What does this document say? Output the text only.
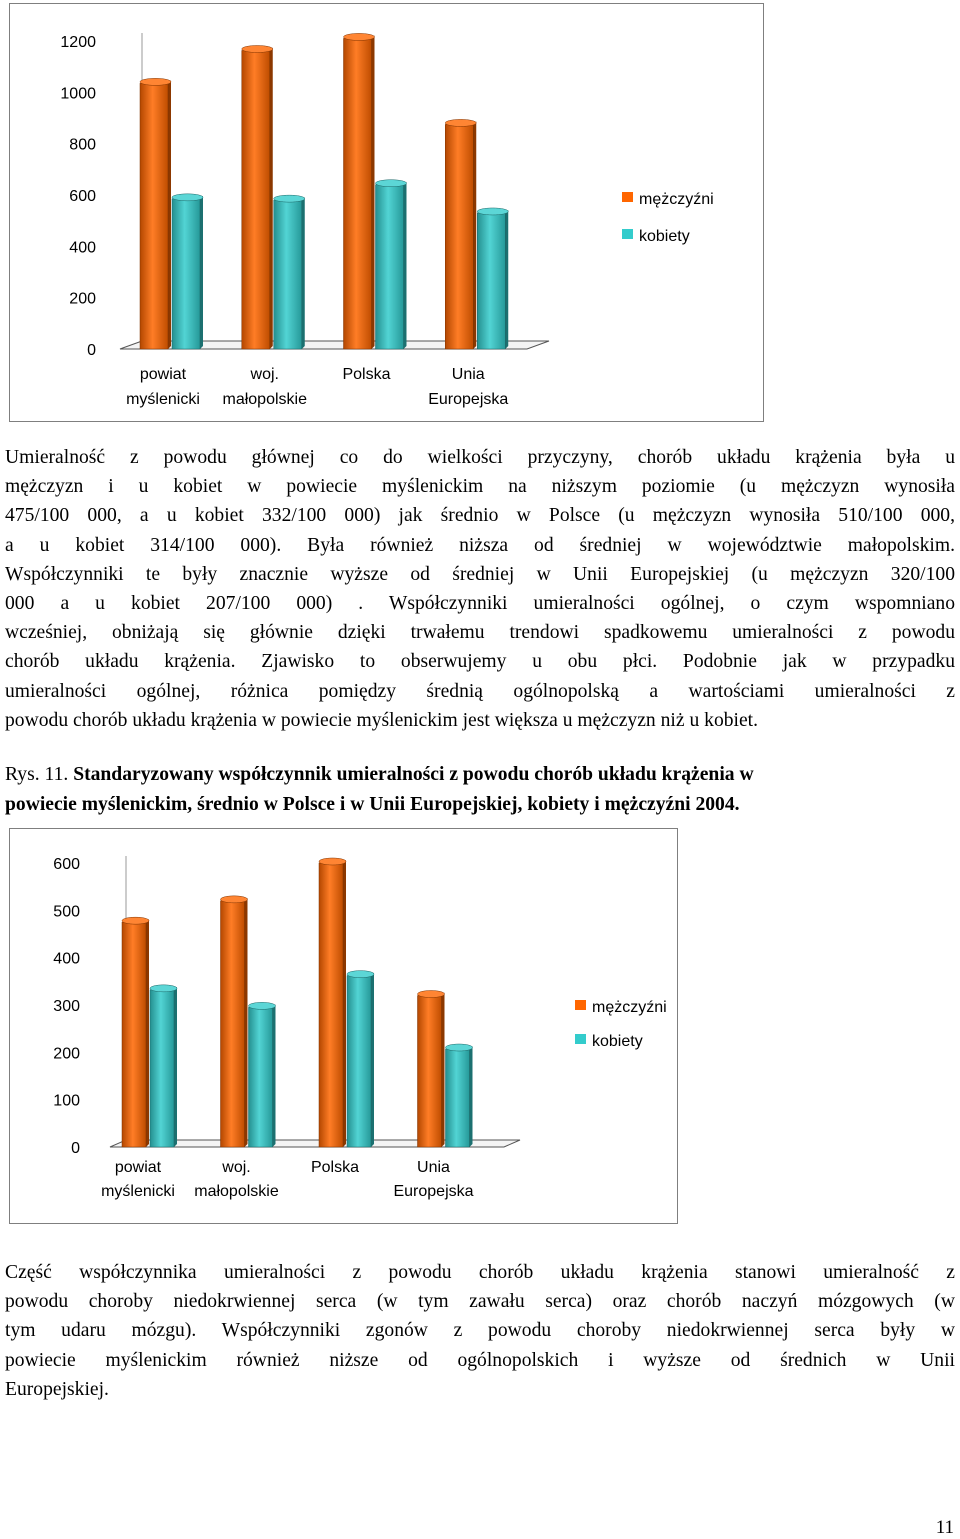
0
200
400
600
800
1000
1200
powiat
myślenicki
woj.
małopolskie
Polska	Unia
Europejska
mężczyźni
kobiety
Umieralność z powodu głównej co do wielkości przyczyny, chorób układu krążenia była u
mężczyzn i u kobiet w powiecie myślenickim na niższym poziomie (u mężczyzn wynosiła
475/100 000, a u kobiet 332/100 000) jak średnio w Polsce (u mężczyzn wynosiła 510/100 000,
a u kobiet 314/100 000). Była również niższa od średniej w województwie małopolskim.
Współczynniki te były znacznie wyższe od średniej w Unii Europejskiej (u mężczyzn 320/100
000 a u kobiet 207/100 000) . Współczynniki umieralności ogólnej, o czym wspomniano
wcześniej, obniżają się głównie dzięki trwałemu trendowi spadkowemu umieralności z powodu
chorób układu krążenia. Zjawisko to obserwujemy u obu płci. Podobnie jak w przypadku
umieralności ogólnej, różnica pomiędzy średnią ogólnopolską a wartościami umieralności z
powodu chorób układu krążenia w powiecie myślenickim jest większa u mężczyzn niż u kobiet.
Rys. 11. Standaryzowany współczynnik umieralności z powodu chorób układu krążenia w
powiecie myślenickim, średnio w Polsce i w Unii Europejskiej, kobiety i mężczyźni 2004.
0
100
200
300
400
500
600
powiat
myślenicki
woj.
małopolskie
Polska	Unia
Europejska
mężczyźni
kobiety
Część współczynnika umieralności z powodu chorób układu krążenia stanowi umieralność z
powodu choroby niedokrwiennej serca (w tym zawału serca) oraz chorób naczyń mózgowych (w
tym udaru mózgu). Współczynniki zgonów z powodu choroby niedokrwiennej serca były w
powiecie myślenickim również niższe od ogólnopolskich i wyższe od średnich w Unii
Europejskiej.
11
